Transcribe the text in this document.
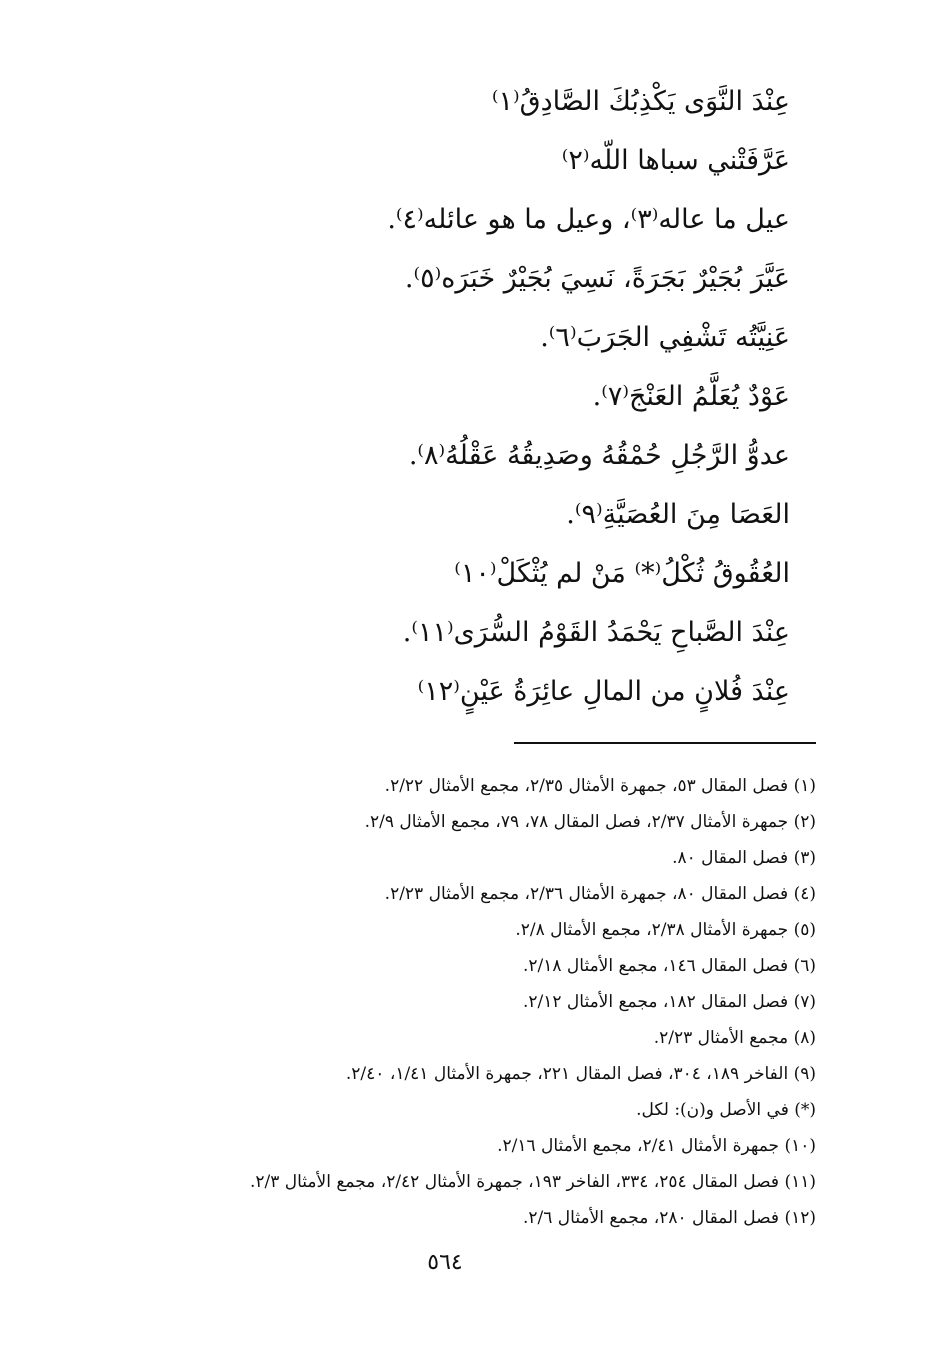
عِنْدَ النَّوَى يَكْذِبُكَ الصَّادِقُ⁽١⁾
عَرَّفَتْني سباها اللّه⁽٢⁾
عيل ما عاله⁽٣⁾، وعيل ما هو عائله⁽٤⁾.
عَيَّرَ بُجَيْرٌ بَجَرَةً، نَسِيَ بُجَيْرٌ خَبَرَه⁽٥⁾.
عَنِيَّتُه تَشْفِي الجَرَبَ⁽٦⁾.
عَوْدٌ يُعَلَّمُ العَنْجَ⁽٧⁾.
عدوُّ الرَّجُلِ حُمْقُهُ وصَدِيقُهُ عَقْلُهُ⁽٨⁾.
العَصَا مِنَ العُصَيَّةِ⁽٩⁾.
العُقُوقُ ثُكْلُ⁽*⁾ مَنْ لم يُثْكَلْ⁽١٠⁾
عِنْدَ الصَّباحِ يَحْمَدُ القَوْمُ السُّرَى⁽١١⁾.
عِنْدَ فُلانٍ من المالِ عائِرَةُ عَيْنٍ⁽١٢⁾
(١) فصل المقال ٥٣، جمهرة الأمثال ٢/٣٥، مجمع الأمثال ٢/٢٢.
(٢) جمهرة الأمثال ٢/٣٧، فصل المقال ٧٨، ٧٩، مجمع الأمثال ٢/٩.
(٣) فصل المقال ٨٠.
(٤) فصل المقال ٨٠، جمهرة الأمثال ٢/٣٦، مجمع الأمثال ٢/٢٣.
(٥) جمهرة الأمثال ٢/٣٨، مجمع الأمثال ٢/٨.
(٦) فصل المقال ١٤٦، مجمع الأمثال ٢/١٨.
(٧) فصل المقال ١٨٢، مجمع الأمثال ٢/١٢.
(٨) مجمع الأمثال ٢/٢٣.
(٩) الفاخر ١٨٩، ٣٠٤، فصل المقال ٢٢١، جمهرة الأمثال ١/٤١، ٢/٤٠.
(*) في الأصل و(ن): لكل.
(١٠) جمهرة الأمثال ٢/٤١، مجمع الأمثال ٢/١٦.
(١١) فصل المقال ٢٥٤، ٣٣٤، الفاخر ١٩٣، جمهرة الأمثال ٢/٤٢، مجمع الأمثال ٢/٣.
(١٢) فصل المقال ٢٨٠، مجمع الأمثال ٢/٦.
٥٦٤
